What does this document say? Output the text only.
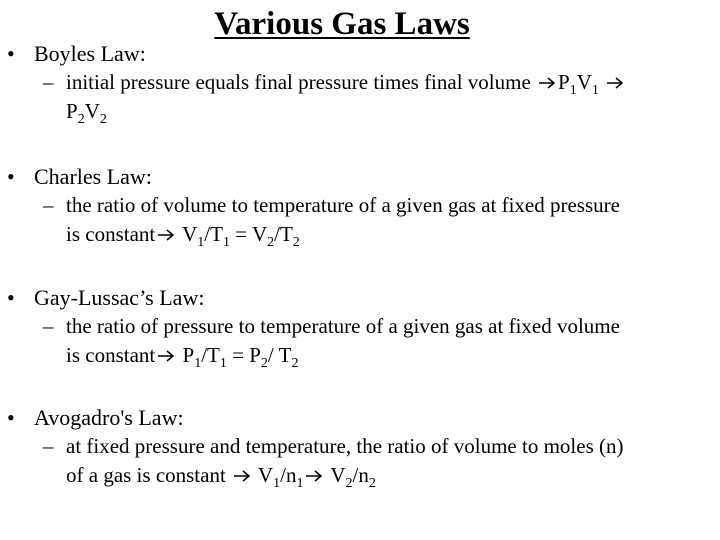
Various Gas Laws
• Boyles Law:
– initial pressure equals final pressure times final volume $P_1V_1$
$P_2V_2$
• Charles Law:
– the ratio of volume to temperature of a given gas at fixed pressure
is constant $V_1/T_1 = V_2/T_2$
• Gay-Lussac’s Law:
– the ratio of pressure to temperature of a given gas at fixed volume
is constant $P_1/T_1 = P_2/$ $T_2$
• Avogadro's Law:
– at fixed pressure and temperature, the ratio of volume to moles (n)
of a gas is constant $V_1/n_1$ $V_2/n_2$
